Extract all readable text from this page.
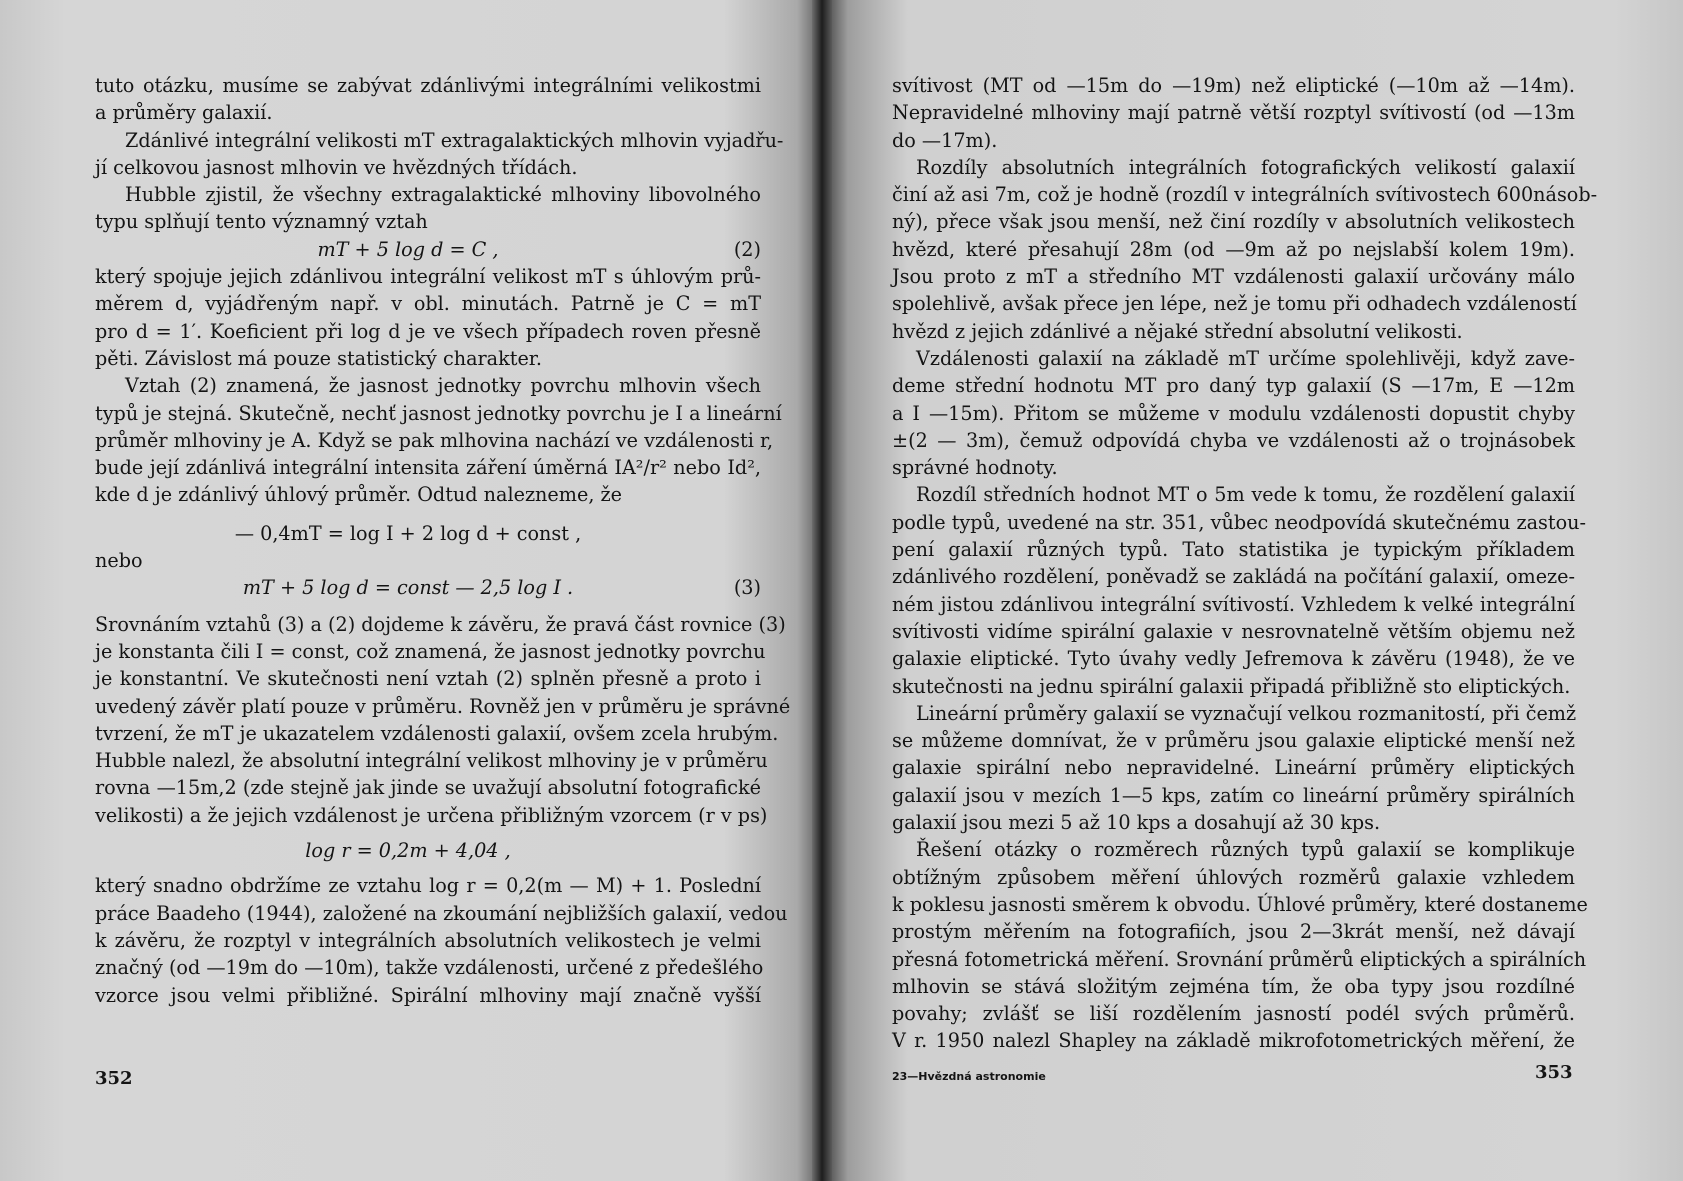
tuto otázku, musíme se zabývat zdánlivými integrálními velikostmi
a průměry galaxií.
Zdánlivé integrální velikosti mT extragalaktických mlhovin vyjadřu-
jí celkovou jasnost mlhovin ve hvězdných třídách.
Hubble zjistil, že všechny extragalaktické mlhoviny libovolného
typu splňují tento významný vztah
mT + 5 log d = C ,	(2)
který spojuje jejich zdánlivou integrální velikost mT s úhlovým prů-
měrem d, vyjádřeným např. v obl. minutách. Patrně je C = mT
pro d = 1′. Koeficient při log d je ve všech případech roven přesně
pěti. Závislost má pouze statistický charakter.
Vztah (2) znamená, že jasnost jednotky povrchu mlhovin všech
typů je stejná. Skutečně, nechť jasnost jednotky povrchu je I a lineární
průměr mlhoviny je A. Když se pak mlhovina nachází ve vzdálenosti r,
bude její zdánlivá integrální intensita záření úměrná IA²/r² nebo Id²,
kde d je zdánlivý úhlový průměr. Odtud nalezneme, že
— 0,4mT = log I + 2 log d + const ,
nebo
mT + 5 log d = const — 2,5 log I .	(3)
Srovnáním vztahů (3) a (2) dojdeme k závěru, že pravá část rovnice (3)
je konstanta čili I = const, což znamená, že jasnost jednotky povrchu
je konstantní. Ve skutečnosti není vztah (2) splněn přesně a proto i
uvedený závěr platí pouze v průměru. Rovněž jen v průměru je správné
tvrzení, že mT je ukazatelem vzdálenosti galaxií, ovšem zcela hrubým.
Hubble nalezl, že absolutní integrální velikost mlhoviny je v průměru
rovna —15m,2 (zde stejně jak jinde se uvažují absolutní fotografické
velikosti) a že jejich vzdálenost je určena přibližným vzorcem (r v ps)
log r = 0,2m + 4,04 ,
který snadno obdržíme ze vztahu log r = 0,2(m — M) + 1. Poslední
práce Baadeho (1944), založené na zkoumání nejbližších galaxií, vedou
k závěru, že rozptyl v integrálních absolutních velikostech je velmi
značný (od —19m do —10m), takže vzdálenosti, určené z předešlého
vzorce jsou velmi přibližné. Spirální mlhoviny mají značně vyšší
352
svítivost (MT od —15m do —19m) než eliptické (—10m až —14m).
Nepravidelné mlhoviny mají patrně větší rozptyl svítivostí (od —13m
do —17m).
Rozdíly absolutních integrálních fotografických velikostí galaxií
činí až asi 7m, což je hodně (rozdíl v integrálních svítivostech 600násob-
ný), přece však jsou menší, než činí rozdíly v absolutních velikostech
hvězd, které přesahují 28m (od —9m až po nejslabší kolem 19m).
Jsou proto z mT a středního MT vzdálenosti galaxií určovány málo
spolehlivě, avšak přece jen lépe, než je tomu při odhadech vzdáleností
hvězd z jejich zdánlivé a nějaké střední absolutní velikosti.
Vzdálenosti galaxií na základě mT určíme spolehlivěji, když zave-
deme střední hodnotu MT pro daný typ galaxií (S —17m, E —12m
a I —15m). Přitom se můžeme v modulu vzdálenosti dopustit chyby
±(2 — 3m), čemuž odpovídá chyba ve vzdálenosti až o trojnásobek
správné hodnoty.
Rozdíl středních hodnot MT o 5m vede k tomu, že rozdělení galaxií
podle typů, uvedené na str. 351, vůbec neodpovídá skutečnému zastou-
pení galaxií různých typů. Tato statistika je typickým příkladem
zdánlivého rozdělení, poněvadž se zakládá na počítání galaxií, omeze-
ném jistou zdánlivou integrální svítivostí. Vzhledem k velké integrální
svítivosti vidíme spirální galaxie v nesrovnatelně větším objemu než
galaxie eliptické. Tyto úvahy vedly Jefremova k závěru (1948), že ve
skutečnosti na jednu spirální galaxii připadá přibližně sto eliptických.
Lineární průměry galaxií se vyznačují velkou rozmanitostí, při čemž
se můžeme domnívat, že v průměru jsou galaxie eliptické menší než
galaxie spirální nebo nepravidelné. Lineární průměry eliptických
galaxií jsou v mezích 1—5 kps, zatím co lineární průměry spirálních
galaxií jsou mezi 5 až 10 kps a dosahují až 30 kps.
Řešení otázky o rozměrech různých typů galaxií se komplikuje
obtížným způsobem měření úhlových rozměrů galaxie vzhledem
k poklesu jasnosti směrem k obvodu. Úhlové průměry, které dostaneme
prostým měřením na fotografiích, jsou 2—3krát menší, než dávají
přesná fotometrická měření. Srovnání průměrů eliptických a spirálních
mlhovin se stává složitým zejména tím, že oba typy jsou rozdílné
povahy; zvlášť se liší rozdělením jasností podél svých průměrů.
V r. 1950 nalezl Shapley na základě mikrofotometrických měření, že
23—Hvězdná astronomie	353
